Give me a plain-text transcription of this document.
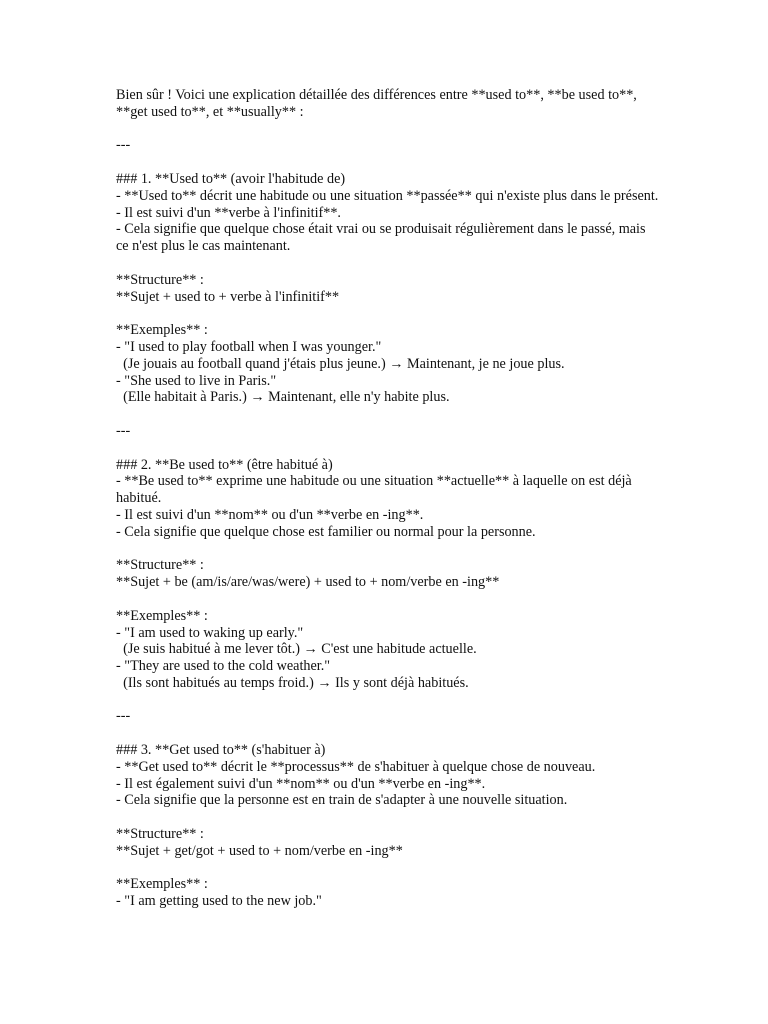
Bien sûr ! Voici une explication détaillée des différences entre **used to**, **be used to**, **get used to**, et **usually** :
---
### 1. **Used to** (avoir l'habitude de)
- **Used to** décrit une habitude ou une situation **passée** qui n'existe plus dans le présent.
- Il est suivi d'un **verbe à l'infinitif**.
- Cela signifie que quelque chose était vrai ou se produisait régulièrement dans le passé, mais ce n'est plus le cas maintenant.
**Structure** :
**Sujet + used to + verbe à l'infinitif**
**Exemples** :
- "I used to play football when I was younger."
(Je jouais au football quand j'étais plus jeune.) → Maintenant, je ne joue plus.
- "She used to live in Paris."
(Elle habitait à Paris.) → Maintenant, elle n'y habite plus.
---
### 2. **Be used to** (être habitué à)
- **Be used to** exprime une habitude ou une situation **actuelle** à laquelle on est déjà habitué.
- Il est suivi d'un **nom** ou d'un **verbe en -ing**.
- Cela signifie que quelque chose est familier ou normal pour la personne.
**Structure** :
**Sujet + be (am/is/are/was/were) + used to + nom/verbe en -ing**
**Exemples** :
- "I am used to waking up early."
(Je suis habitué à me lever tôt.) → C'est une habitude actuelle.
- "They are used to the cold weather."
(Ils sont habitués au temps froid.) → Ils y sont déjà habitués.
---
### 3. **Get used to** (s'habituer à)
- **Get used to** décrit le **processus** de s'habituer à quelque chose de nouveau.
- Il est également suivi d'un **nom** ou d'un **verbe en -ing**.
- Cela signifie que la personne est en train de s'adapter à une nouvelle situation.
**Structure** :
**Sujet + get/got + used to + nom/verbe en -ing**
**Exemples** :
- "I am getting used to the new job."
